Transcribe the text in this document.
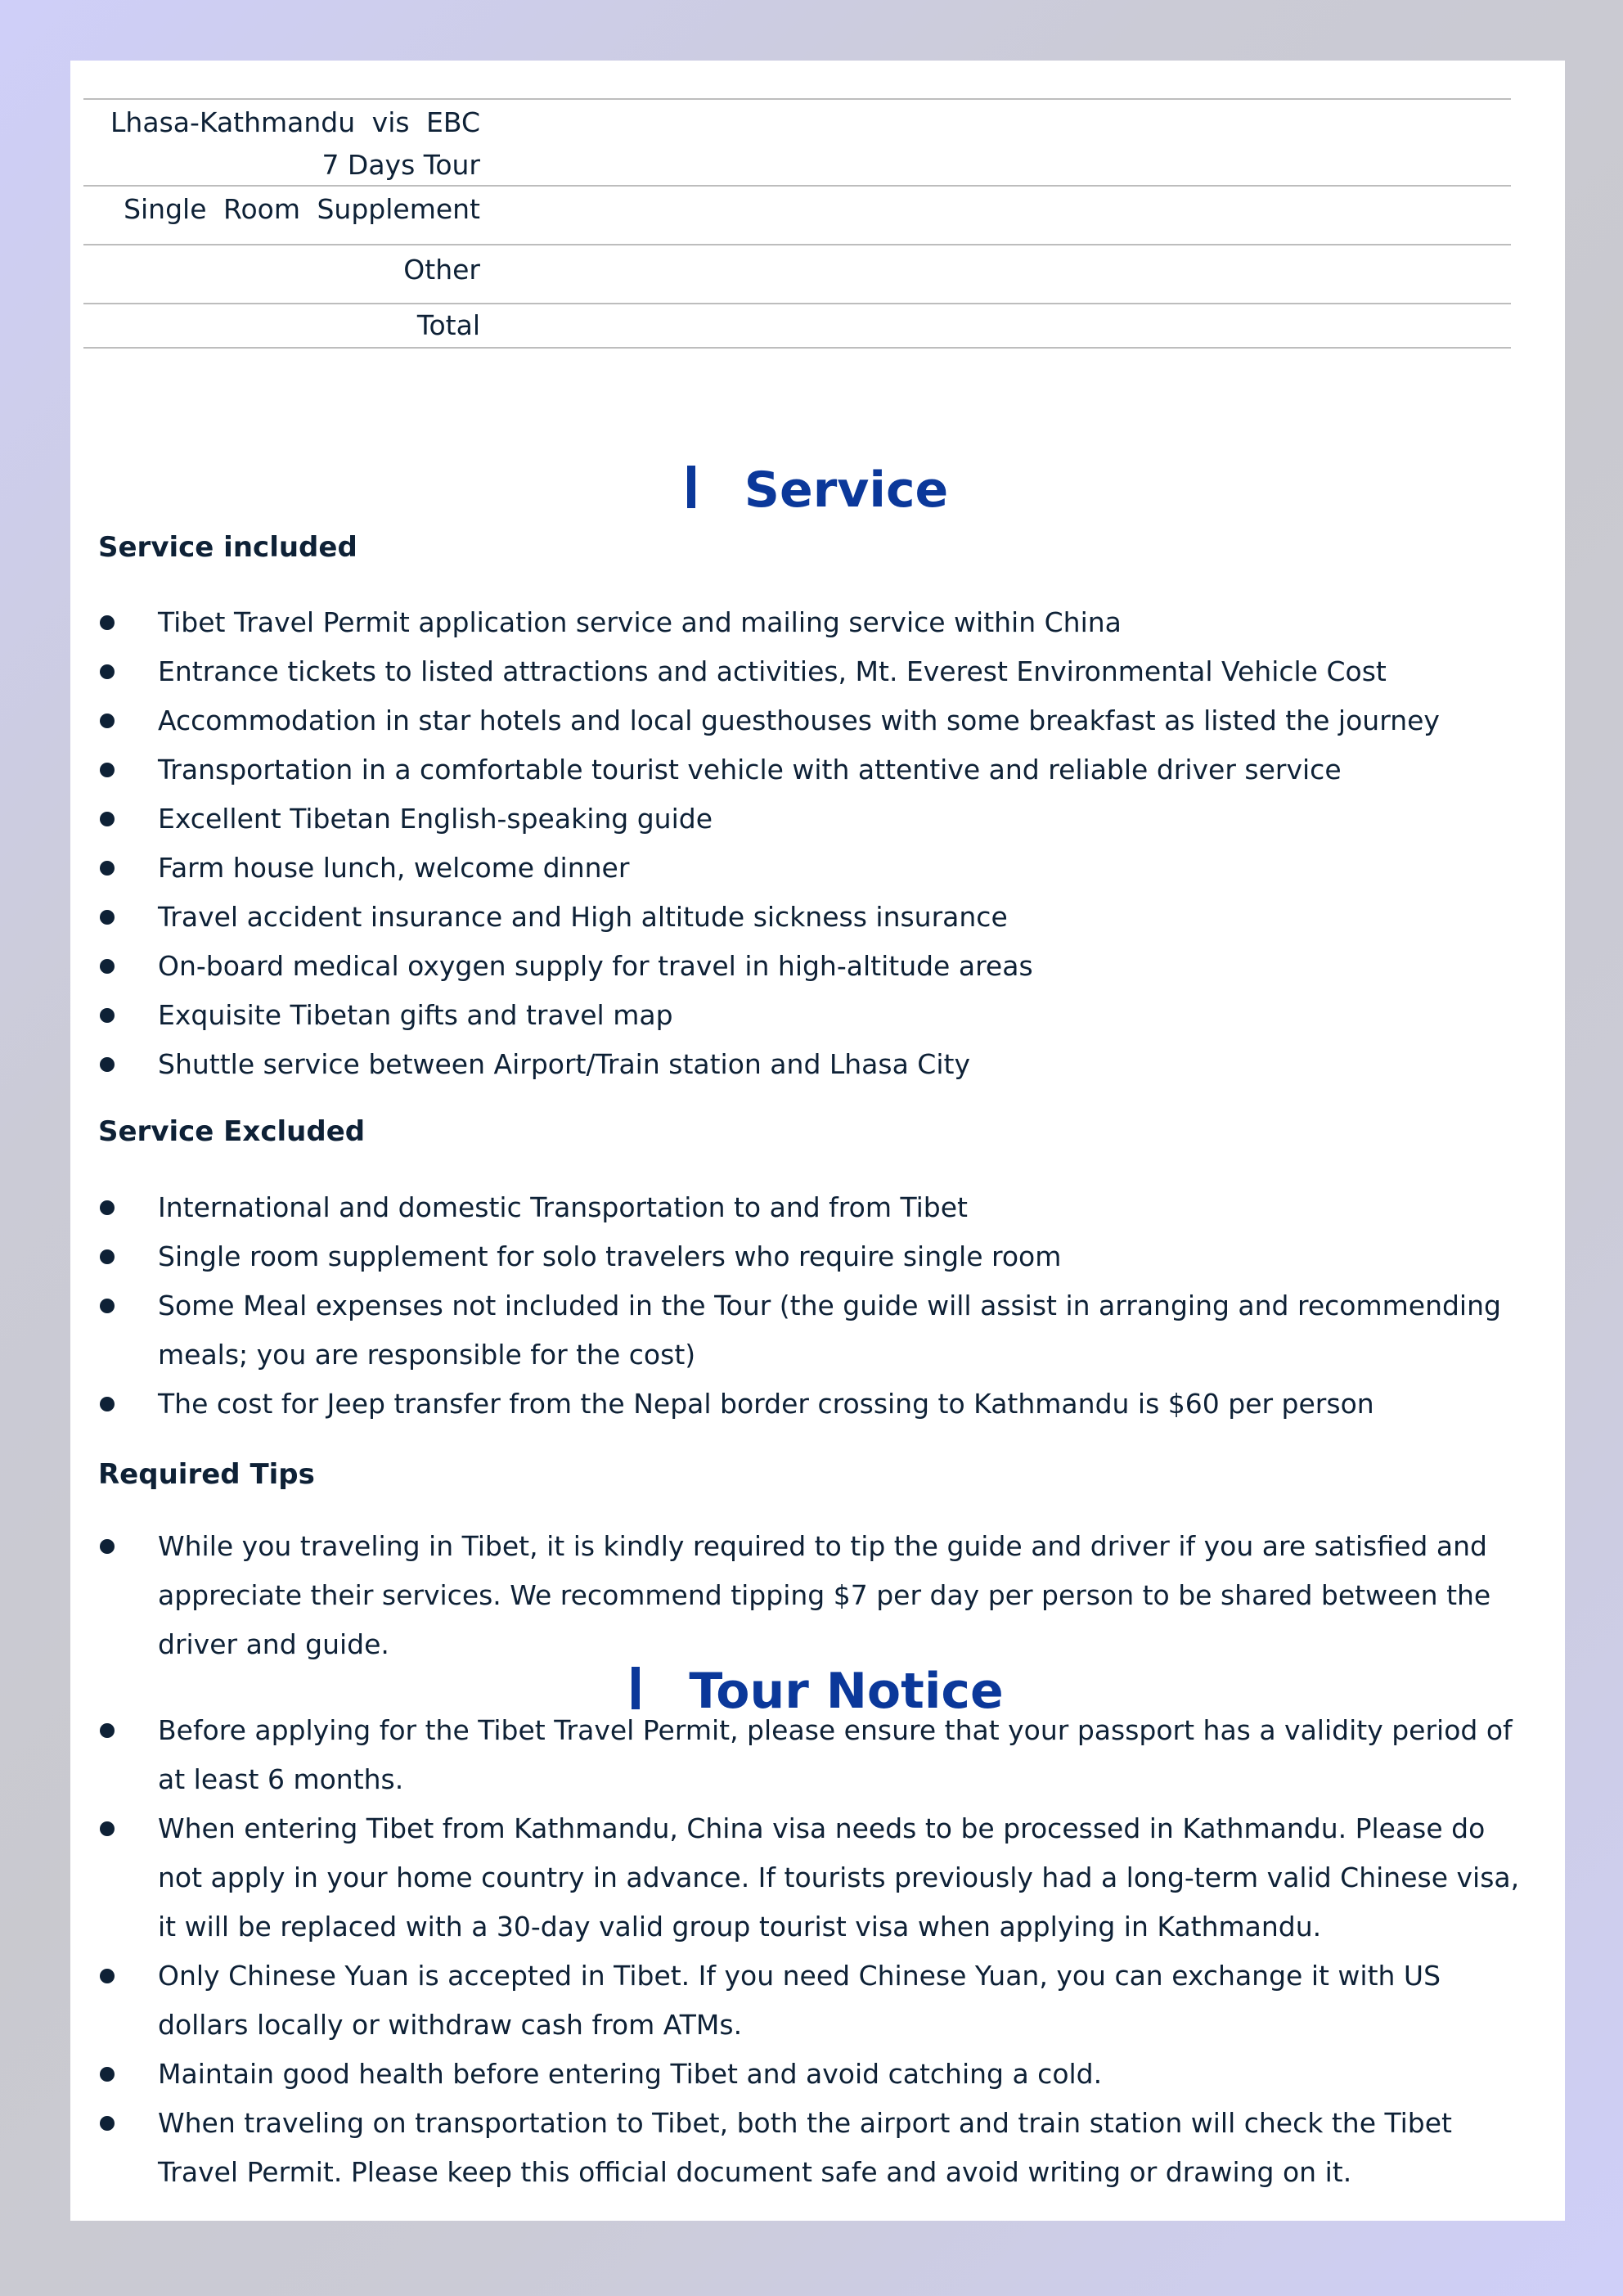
Lhasa-Kathmandu vis EBC
7 Days Tour
Single Room Supplement
Other
Total
Service
Service included
Tibet Travel Permit application service and mailing service within China
Entrance tickets to listed attractions and activities, Mt. Everest Environmental Vehicle Cost
Accommodation in star hotels and local guesthouses with some breakfast as listed the journey
Transportation in a comfortable tourist vehicle with attentive and reliable driver service
Excellent Tibetan English-speaking guide
Farm house lunch, welcome dinner
Travel accident insurance and High altitude sickness insurance
On-board medical oxygen supply for travel in high-altitude areas
Exquisite Tibetan gifts and travel map
Shuttle service between Airport/Train station and Lhasa City
Service Excluded
International and domestic Transportation to and from Tibet
Single room supplement for solo travelers who require single room
Some Meal expenses not included in the Tour (the guide will assist in arranging and recommending meals; you are responsible for the cost)
The cost for Jeep transfer from the Nepal border crossing to Kathmandu is $60 per person
Required Tips
While you traveling in Tibet, it is kindly required to tip the guide and driver if you are satisfied and appreciate their services. We recommend tipping $7 per day per person to be shared between the driver and guide.
Tour Notice
Before applying for the Tibet Travel Permit, please ensure that your passport has a validity period of at least 6 months.
When entering Tibet from Kathmandu, China visa needs to be processed in Kathmandu. Please do not apply in your home country in advance. If tourists previously had a long-term valid Chinese visa, it will be replaced with a 30-day valid group tourist visa when applying in Kathmandu.
Only Chinese Yuan is accepted in Tibet. If you need Chinese Yuan, you can exchange it with US dollars locally or withdraw cash from ATMs.
Maintain good health before entering Tibet and avoid catching a cold.
When traveling on transportation to Tibet, both the airport and train station will check the Tibet Travel Permit. Please keep this official document safe and avoid writing or drawing on it.
